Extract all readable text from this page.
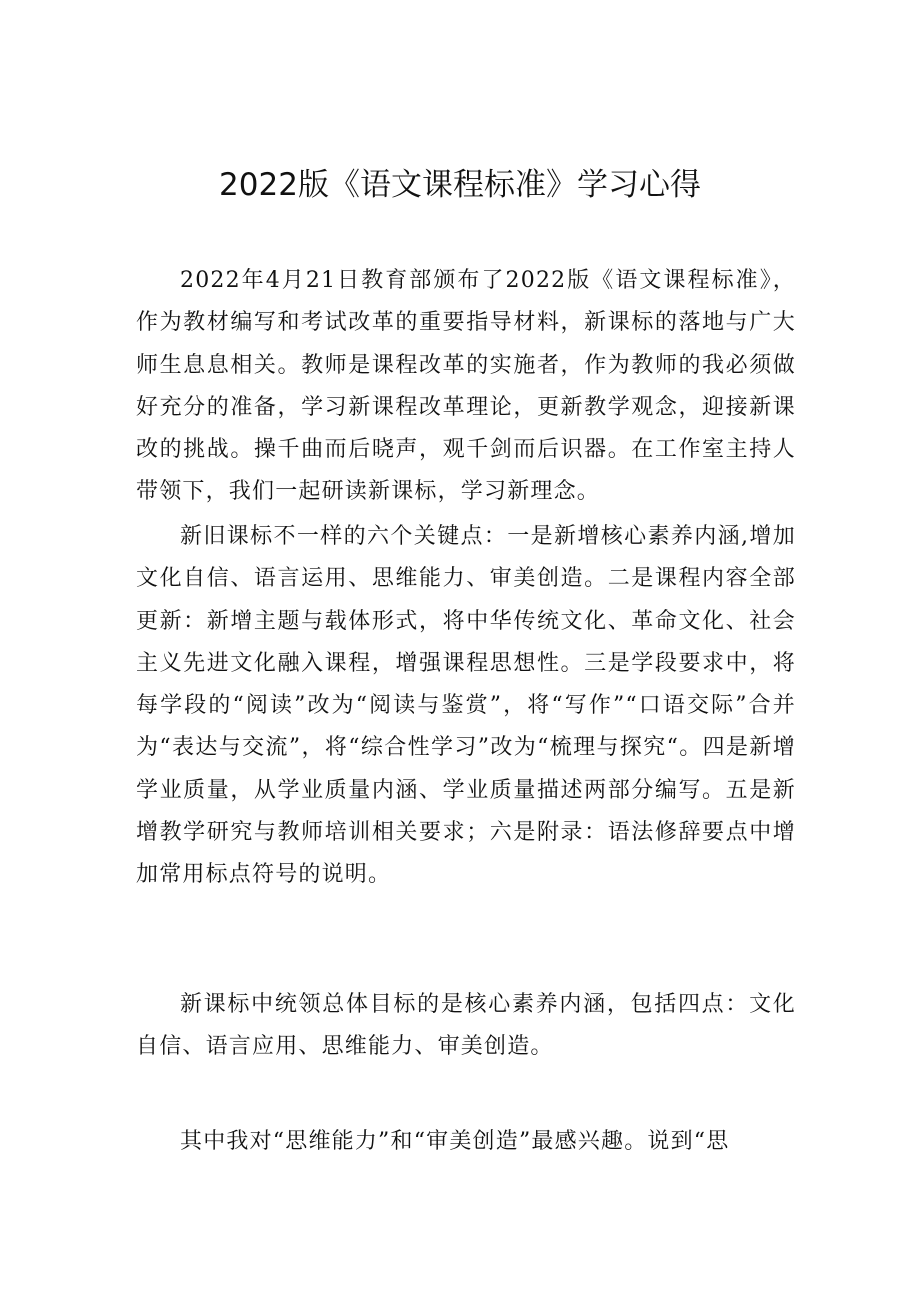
2022版《语文课程标准》学习心得

2022年4月21日教育部颁布了2022版《语文课程标准》，作为教材编写和考试改革的重要指导材料，新课标的落地与广大师生息息相关。教师是课程改革的实施者，作为教师的我必须做好充分的准备，学习新课程改革理论，更新教学观念，迎接新课改的挑战。操千曲而后晓声，观千剑而后识器。在工作室主持人带领下，我们一起研读新课标，学习新理念。

新旧课标不一样的六个关键点：一是新增核心素养内涵,增加文化自信、语言运用、思维能力、审美创造。二是课程内容全部更新：新增主题与载体形式，将中华传统文化、革命文化、社会主义先进文化融入课程，增强课程思想性。三是学段要求中，将每学段的“阅读”改为“阅读与鉴赏”，将“写作”“口语交际”合并为“表达与交流”，将“综合性学习”改为“梳理与探究“。四是新增学业质量，从学业质量内涵、学业质量描述两部分编写。五是新增教学研究与教师培训相关要求；六是附录：语法修辞要点中增加常用标点符号的说明。

新课标中统领总体目标的是核心素养内涵，包括四点：文化自信、语言应用、思维能力、审美创造。

其中我对“思维能力”和“审美创造”最感兴趣。说到“思
